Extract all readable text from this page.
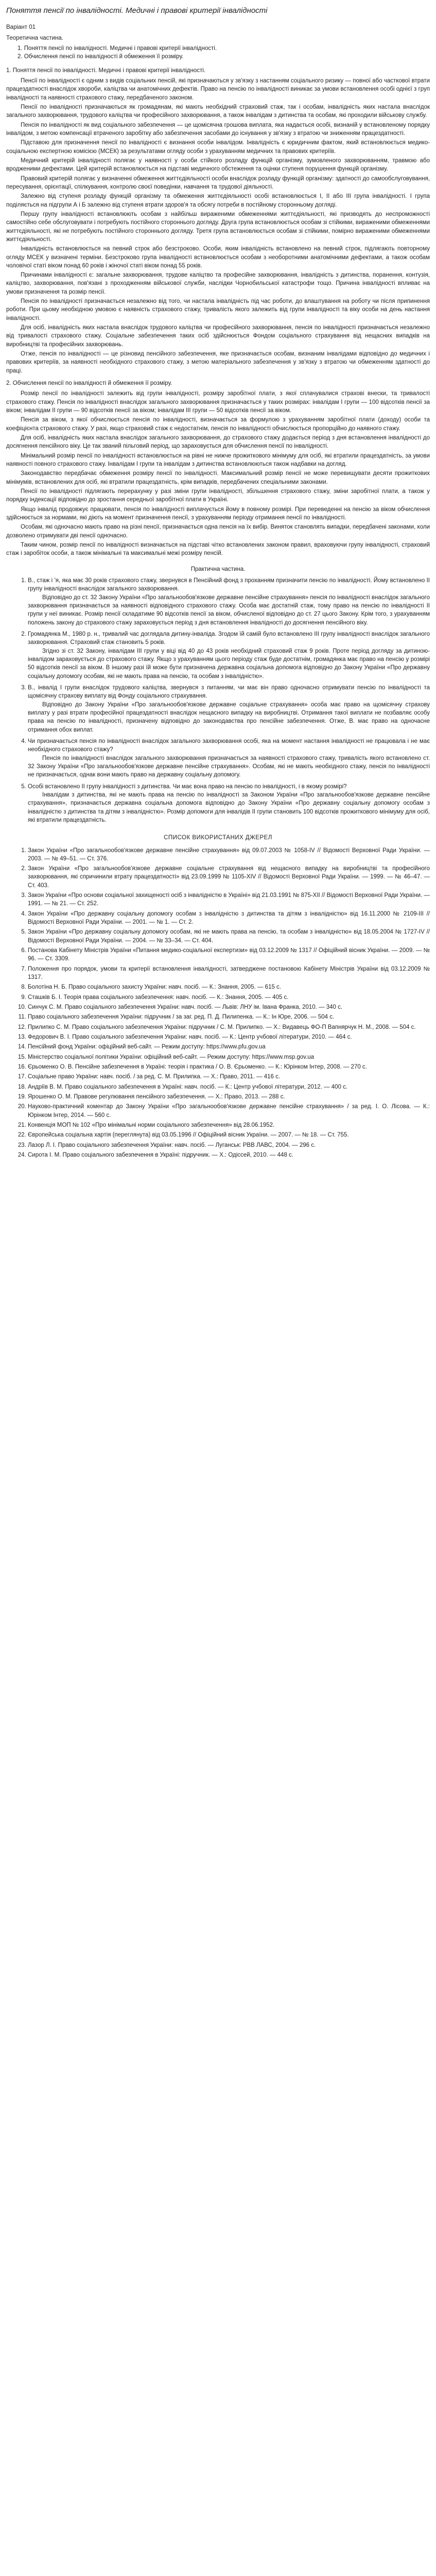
Поняття пенсії по інвалідності. Медичні і правові критерії інвалідності
Варіант 01
Теоретична частина.
1. Поняття пенсії по інвалідності. Медичні і правові критерії інвалідності.
2. Обчислення пенсії по інвалідності й обмеження її розміру.
1. Поняття пенсії по інвалідності. Медичні і правові критерії інвалідності.

Пенсії по інвалідності є одним з видів соціальних пенсій, які призначаються у зв'язку з настанням соціального ризику — повної або часткової втрати працездатності внаслідок хвороби, каліцтва чи анатомічних дефектів. Право на пенсію по інвалідності виникає за умови встановлення особі однієї з груп інвалідності та наявності страхового стажу, передбаченого законом.

Пенсії по інвалідності призначаються як громадянам, які мають необхідний страховий стаж, так і особам, інвалідність яких настала внаслідок загального захворювання, трудового каліцтва чи професійного захворювання, а також інвалідам з дитинства та особам, які проходили військову службу.

Пенсія по інвалідності як вид соціального забезпечення — це щомісячна грошова виплата, яка надається особі, визнаній у встановленому порядку інвалідом, з метою компенсації втраченого заробітку або забезпечення засобами до існування у зв'язку з втратою чи зниженням працездатності.

Підставою для призначення пенсії по інвалідності є визнання особи інвалідом. Інвалідність є юридичним фактом, який встановлюється медико-соціальною експертною комісією (МСЕК) за результатами огляду особи з урахуванням медичних та правових критеріїв.

Медичний критерій інвалідності полягає у наявності у особи стійкого розладу функцій організму, зумовленого захворюванням, травмою або вродженими дефектами. Цей критерій встановлюється на підставі медичного обстеження та оцінки ступеня порушення функцій організму.

Правовий критерій полягає у визначенні обмеження життєдіяльності особи внаслідок розладу функцій організму: здатності до самообслуговування, пересування, орієнтації, спілкування, контролю своєї поведінки, навчання та трудової діяльності.

Залежно від ступеня розладу функцій організму та обмеження життєдіяльності особі встановлюється I, II або III група інвалідності. I група поділяється на підгрупи А і Б залежно від ступеня втрати здоров'я та обсягу потреби в постійному сторонньому догляді.

Першу групу інвалідності встановлюють особам з найбільш вираженими обмеженнями життєдіяльності, які призводять до неспроможності самостійно себе обслуговувати і потребують постійного стороннього догляду. Друга група встановлюється особам зі стійкими, вираженими обмеженнями життєдіяльності, які не потребують постійного стороннього догляду. Третя група встановлюється особам зі стійкими, помірно вираженими обмеженнями життєдіяльності.

Інвалідність встановлюється на певний строк або безстроково. Особи, яким інвалідність встановлено на певний строк, підлягають повторному огляду МСЕК у визначені терміни. Безстроково група інвалідності встановлюється особам з необоротними анатомічними дефектами, а також особам чоловічої статі віком понад 60 років і жіночої статі віком понад 55 років.

Причинами інвалідності є: загальне захворювання, трудове каліцтво та професійне захворювання, інвалідність з дитинства, поранення, контузія, каліцтво, захворювання, пов'язані з проходженням військової служби, наслідки Чорнобильської катастрофи тощо. Причина інвалідності впливає на умови призначення та розмір пенсії.

Пенсія по інвалідності призначається незалежно від того, чи настала інвалідність під час роботи, до влаштування на роботу чи після припинення роботи. При цьому необхідною умовою є наявність страхового стажу, тривалість якого залежить від групи інвалідності та віку особи на день настання інвалідності.

Для осіб, інвалідність яких настала внаслідок трудового каліцтва чи професійного захворювання, пенсія по інвалідності призначається незалежно від тривалості страхового стажу. Соціальне забезпечення таких осіб здійснюється Фондом соціального страхування від нещасних випадків на виробництві та професійних захворювань.

Отже, пенсія по інвалідності — це різновид пенсійного забезпечення, яке призначається особам, визнаним інвалідами відповідно до медичних і правових критеріїв, за наявності необхідного страхового стажу, з метою матеріального забезпечення у зв'язку з втратою чи обмеженням здатності до праці.

2. Обчислення пенсії по інвалідності й обмеження її розміру.

Розмір пенсії по інвалідності залежить від групи інвалідності, розміру заробітної плати, з якої сплачувалися страхові внески, та тривалості страхового стажу. Пенсія по інвалідності внаслідок загального захворювання призначається у таких розмірах: інвалідам I групи — 100 відсотків пенсії за віком; інвалідам II групи — 90 відсотків пенсії за віком; інвалідам III групи — 50 відсотків пенсії за віком.

Пенсія за віком, з якої обчислюється пенсія по інвалідності, визначається за формулою з урахуванням заробітної плати (доходу) особи та коефіцієнта страхового стажу. У разі, якщо страховий стаж є недостатнім, пенсія по інвалідності обчислюється пропорційно до наявного стажу.

Для осіб, інвалідність яких настала внаслідок загального захворювання, до страхового стажу додається період з дня встановлення інвалідності до досягнення пенсійного віку. Це так званий пільговий період, що зараховується для обчислення пенсії по інвалідності.

Мінімальний розмір пенсії по інвалідності встановлюється на рівні не нижче прожиткового мінімуму для осіб, які втратили працездатність, за умови наявності повного страхового стажу. Інвалідам I групи та інвалідам з дитинства встановлюються також надбавки на догляд.

Законодавство передбачає обмеження розміру пенсії по інвалідності. Максимальний розмір пенсії не може перевищувати десяти прожиткових мінімумів, встановлених для осіб, які втратили працездатність, крім випадків, передбачених спеціальними законами.

Пенсії по інвалідності підлягають перерахунку у разі зміни групи інвалідності, збільшення страхового стажу, зміни заробітної плати, а також у порядку індексації відповідно до зростання середньої заробітної плати в Україні.

Якщо інвалід продовжує працювати, пенсія по інвалідності виплачується йому в повному розмірі. При переведенні на пенсію за віком обчислення здійснюється за нормами, які діють на момент призначення пенсії, з урахуванням періоду отримання пенсії по інвалідності.

Особам, які одночасно мають право на різні пенсії, призначається одна пенсія на їх вибір. Виняток становлять випадки, передбачені законами, коли дозволено отримувати дві пенсії одночасно.

Таким чином, розмір пенсії по інвалідності визначається на підставі чітко встановлених законом правил, враховуючи групу інвалідності, страховий стаж і заробіток особи, а також мінімальні та максимальні межі розміру пенсій.

Практична частина.
1. В., стаж і 'я, яка має 30 років страхового стажу, звернувся в Пенсійний фонд з проханням призначити пенсію по інвалідності. Йому встановлено II групу інвалідності внаслідок загального захворювання.

Відповідно до ст. 32 Закону України «Про загальнообов'язкове державне пенсійне страхування» пенсія по інвалідності внаслідок загального захворювання призначається за наявності відповідного страхового стажу. Особа має достатній стаж, тому право на пенсію по інвалідності II групи у неї виникає. Розмір пенсії складатиме 90 відсотків пенсії за віком, обчисленої відповідно до ст. 27 цього Закону. Крім того, з урахуванням положень закону до страхового стажу зараховується період з дня встановлення інвалідності до досягнення пенсійного віку.

2. Громадянка М., 1980 р. н., тривалий час доглядала дитину-інваліда. Згодом їй самій було встановлено III групу інвалідності внаслідок загального захворювання. Страховий стаж становить 5 років.

Згідно зі ст. 32 Закону, інвалідам III групи у віці від 40 до 43 років необхідний страховий стаж 9 років. Проте період догляду за дитиною-інвалідом зараховується до страхового стажу. Якщо з урахуванням цього періоду стаж буде достатнім, громадянка має право на пенсію у розмірі 50 відсотків пенсії за віком. В іншому разі їй може бути призначена державна соціальна допомога відповідно до Закону України «Про державну соціальну допомогу особам, які не мають права на пенсію, та особам з інвалідністю».

3. В., інвалід I групи внаслідок трудового каліцтва, звернувся з питанням, чи має він право одночасно отримувати пенсію по інвалідності та щомісячну страхову виплату від Фонду соціального страхування.

Відповідно до Закону України «Про загальнообов'язкове державне соціальне страхування» особа має право на щомісячну страхову виплату у разі втрати професійної працездатності внаслідок нещасного випадку на виробництві. Отримання такої виплати не позбавляє особу права на пенсію по інвалідності, призначену відповідно до законодавства про пенсійне забезпечення. Отже, В. має право на одночасне отримання обох виплат.

4. Чи призначається пенсія по інвалідності внаслідок загального захворювання особі, яка на момент настання інвалідності не працювала і не має необхідного страхового стажу?

Пенсія по інвалідності внаслідок загального захворювання призначається за наявності страхового стажу, тривалість якого встановлено ст. 32 Закону України «Про загальнообов'язкове державне пенсійне страхування». Особам, які не мають необхідного стажу, пенсія по інвалідності не призначається, однак вони мають право на державну соціальну допомогу.

5. Особі встановлено II групу інвалідності з дитинства. Чи має вона право на пенсію по інвалідності, і в якому розмірі?

Інвалідам з дитинства, які не мають права на пенсію по інвалідності за Законом України «Про загальнообов'язкове державне пенсійне страхування», призначається державна соціальна допомога відповідно до Закону України «Про державну соціальну допомогу особам з інвалідністю з дитинства та дітям з інвалідністю». Розмір допомоги для інвалідів II групи становить 100 відсотків прожиткового мінімуму для осіб, які втратили працездатність.

СПИСОК ВИКОРИСТАНИХ ДЖЕРЕЛ
1. Закон України «Про загальнообов'язкове державне пенсійне страхування» від 09.07.2003 № 1058-IV // Відомості Верховної Ради України. — 2003. — № 49–51. — Ст. 376.
2. Закон України «Про загальнообов'язкове державне соціальне страхування від нещасного випадку на виробництві та професійного захворювання, які спричинили втрату працездатності» від 23.09.1999 № 1105-XIV // Відомості Верховної Ради України. — 1999. — № 46–47. — Ст. 403.
3. Закон України «Про основи соціальної захищеності осіб з інвалідністю в Україні» від 21.03.1991 № 875-XII // Відомості Верховної Ради України. — 1991. — № 21. — Ст. 252.
4. Закон України «Про державну соціальну допомогу особам з інвалідністю з дитинства та дітям з інвалідністю» від 16.11.2000 № 2109-III // Відомості Верховної Ради України. — 2001. — № 1. — Ст. 2.
5. Закон України «Про державну соціальну допомогу особам, які не мають права на пенсію, та особам з інвалідністю» від 18.05.2004 № 1727-IV // Відомості Верховної Ради України. — 2004. — № 33–34. — Ст. 404.
6. Постанова Кабінету Міністрів України «Питання медико-соціальної експертизи» від 03.12.2009 № 1317 // Офіційний вісник України. — 2009. — № 96. — Ст. 3309.
7. Положення про порядок, умови та критерії встановлення інвалідності, затверджене постановою Кабінету Міністрів України від 03.12.2009 № 1317.
8. Болотіна Н. Б. Право соціального захисту України: навч. посіб. — К.: Знання, 2005. — 615 с.
9. Сташків Б. І. Теорія права соціального забезпечення: навч. посіб. — К.: Знання, 2005. — 405 с.
10. Синчук С. М. Право соціального забезпечення України: навч. посіб. — Львів: ЛНУ ім. Івана Франка, 2010. — 340 с.
11. Право соціального забезпечення України: підручник / за заг. ред. П. Д. Пилипенка. — К.: Ін Юре, 2006. — 504 с.
12. Прилипко С. М. Право соціального забезпечення України: підручник / С. М. Прилипко. — Х.: Видавець ФО-П Вапнярчук Н. М., 2008. — 504 с.
13. Федорович В. І. Право соціального забезпечення України: навч. посіб. — К.: Центр учбової літератури, 2010. — 464 с.
14. Пенсійний фонд України: офіційний веб-сайт. — Режим доступу: https://www.pfu.gov.ua
15. Міністерство соціальної політики України: офіційний веб-сайт. — Режим доступу: https://www.msp.gov.ua
16. Єрьоменко О. В. Пенсійне забезпечення в Україні: теорія і практика / О. В. Єрьоменко. — К.: Юрінком Інтер, 2008. — 270 с.
17. Соціальне право України: навч. посіб. / за ред. С. М. Прилипка. — Х.: Право, 2011. — 416 с.
18. Андріїв В. М. Право соціального забезпечення в Україні: навч. посіб. — К.: Центр учбової літератури, 2012. — 400 с.
19. Ярошенко О. М. Правове регулювання пенсійного забезпечення. — Х.: Право, 2013. — 288 с.
20. Науково-практичний коментар до Закону України «Про загальнообов'язкове державне пенсійне страхування» / за ред. І. О. Лісова. — К.: Юрінком Інтер, 2014. — 560 с.
21. Конвенція МОП № 102 «Про мінімальні норми соціального забезпечення» від 28.06.1952.
22. Європейська соціальна хартія (переглянута) від 03.05.1996 // Офіційний вісник України. — 2007. — № 18. — Ст. 755.
23. Лазор Л. І. Право соціального забезпечення України: навч. посіб. — Луганськ: РВВ ЛАВС, 2004. — 296 с.
24. Сирота І. М. Право соціального забезпечення в Україні: підручник. — Х.: Одіссей, 2010. — 448 с.
